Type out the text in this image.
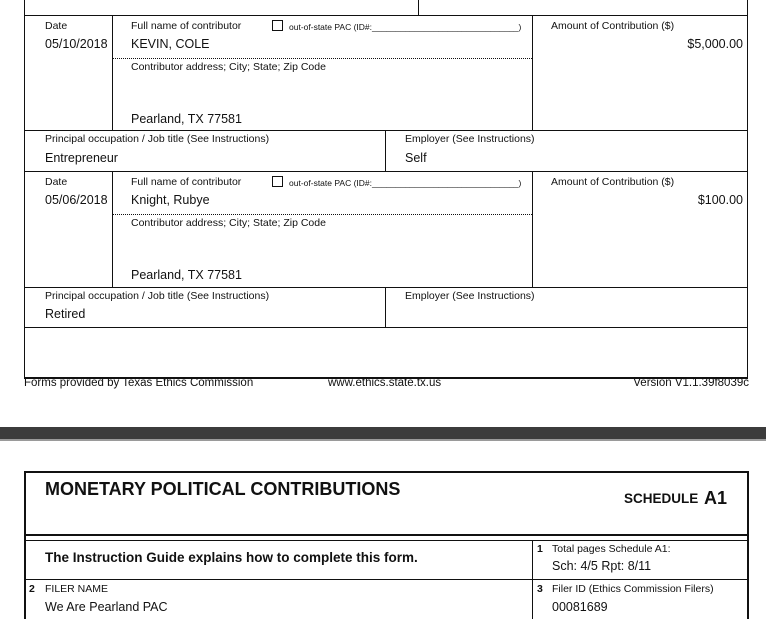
Date
05/10/2018
Full name of contributor	out-of-state PAC (ID#:_______________________________)
KEVIN, COLE
Contributor address; City; State; Zip Code
Pearland, TX 77581
Amount of Contribution ($)
$5,000.00
Principal occupation / Job title (See Instructions)
Entrepreneur
Employer (See Instructions)
Self
Date
05/06/2018
Full name of contributor	out-of-state PAC (ID#:_______________________________)
Knight, Rubye
Contributor address; City; State; Zip Code
Pearland, TX 77581
Amount of Contribution ($)
$100.00
Principal occupation / Job title (See Instructions)
Retired
Employer (See Instructions)
Forms provided by Texas Ethics Commission	www.ethics.state.tx.us	Version V1.1.39f8039c
MONETARY POLITICAL CONTRIBUTIONS	SCHEDULE A1
The Instruction Guide explains how to complete this form.
1 Total pages Schedule A1:
Sch: 4/5 Rpt: 8/11
2 FILER NAME
We Are Pearland PAC
3 Filer ID (Ethics Commission Filers)
00081689
